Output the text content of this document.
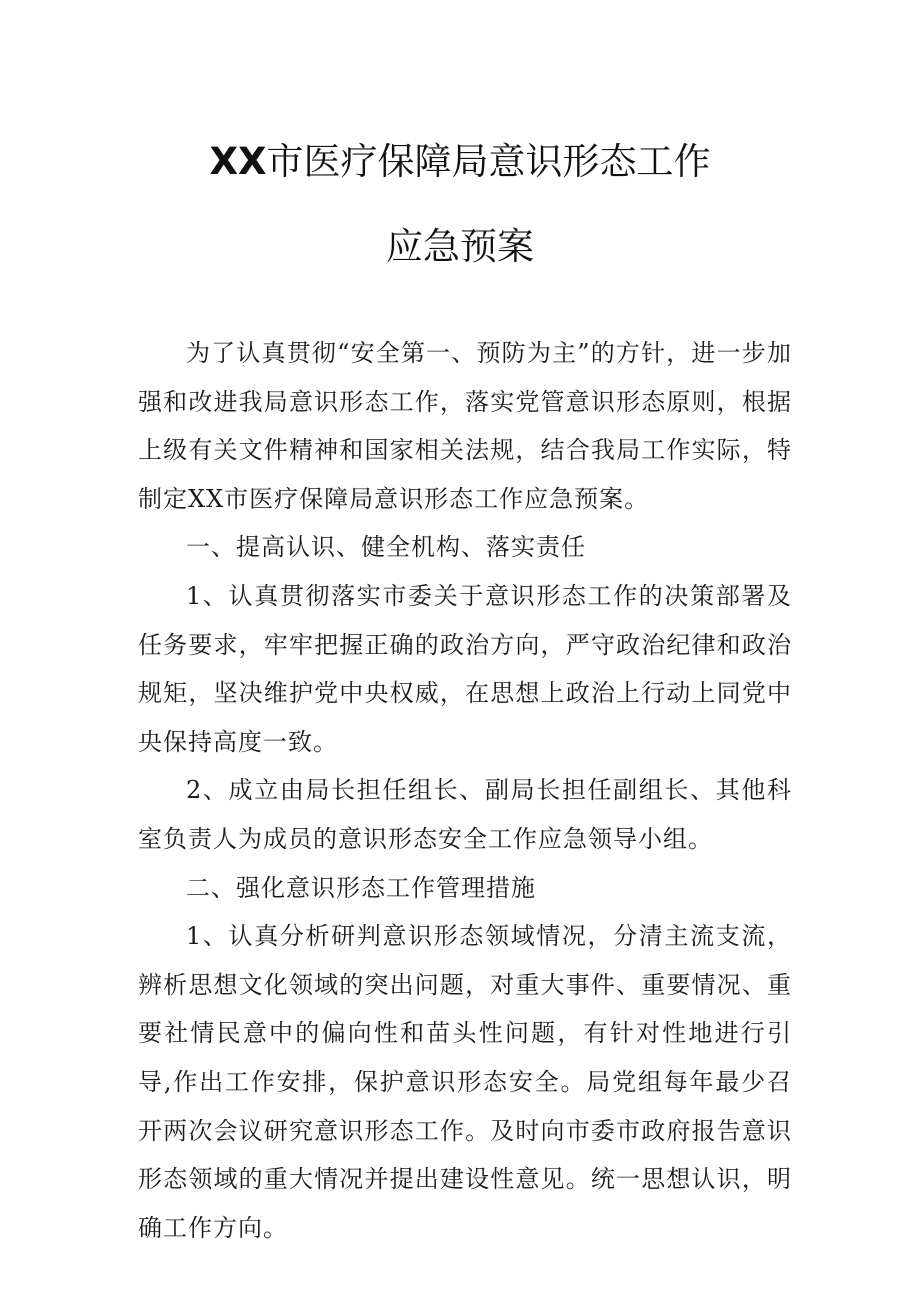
XX市医疗保障局意识形态工作
应急预案

为了认真贯彻“安全第一、预防为主”的方针，进一步加强和改进我局意识形态工作，落实党管意识形态原则，根据上级有关文件精神和国家相关法规，结合我局工作实际，特制定XX市医疗保障局意识形态工作应急预案。

一、提高认识、健全机构、落实责任

1、认真贯彻落实市委关于意识形态工作的决策部署及任务要求，牢牢把握正确的政治方向，严守政治纪律和政治规矩，坚决维护党中央权威，在思想上政治上行动上同党中央保持高度一致。

2、成立由局长担任组长、副局长担任副组长、其他科室负责人为成员的意识形态安全工作应急领导小组。

二、强化意识形态工作管理措施

1、认真分析研判意识形态领域情况，分清主流支流，辨析思想文化领域的突出问题，对重大事件、重要情况、重要社情民意中的偏向性和苗头性问题，有针对性地进行引导,作出工作安排，保护意识形态安全。局党组每年最少召开两次会议研究意识形态工作。及时向市委市政府报告意识形态领域的重大情况并提出建设性意见。统一思想认识，明确工作方向。
